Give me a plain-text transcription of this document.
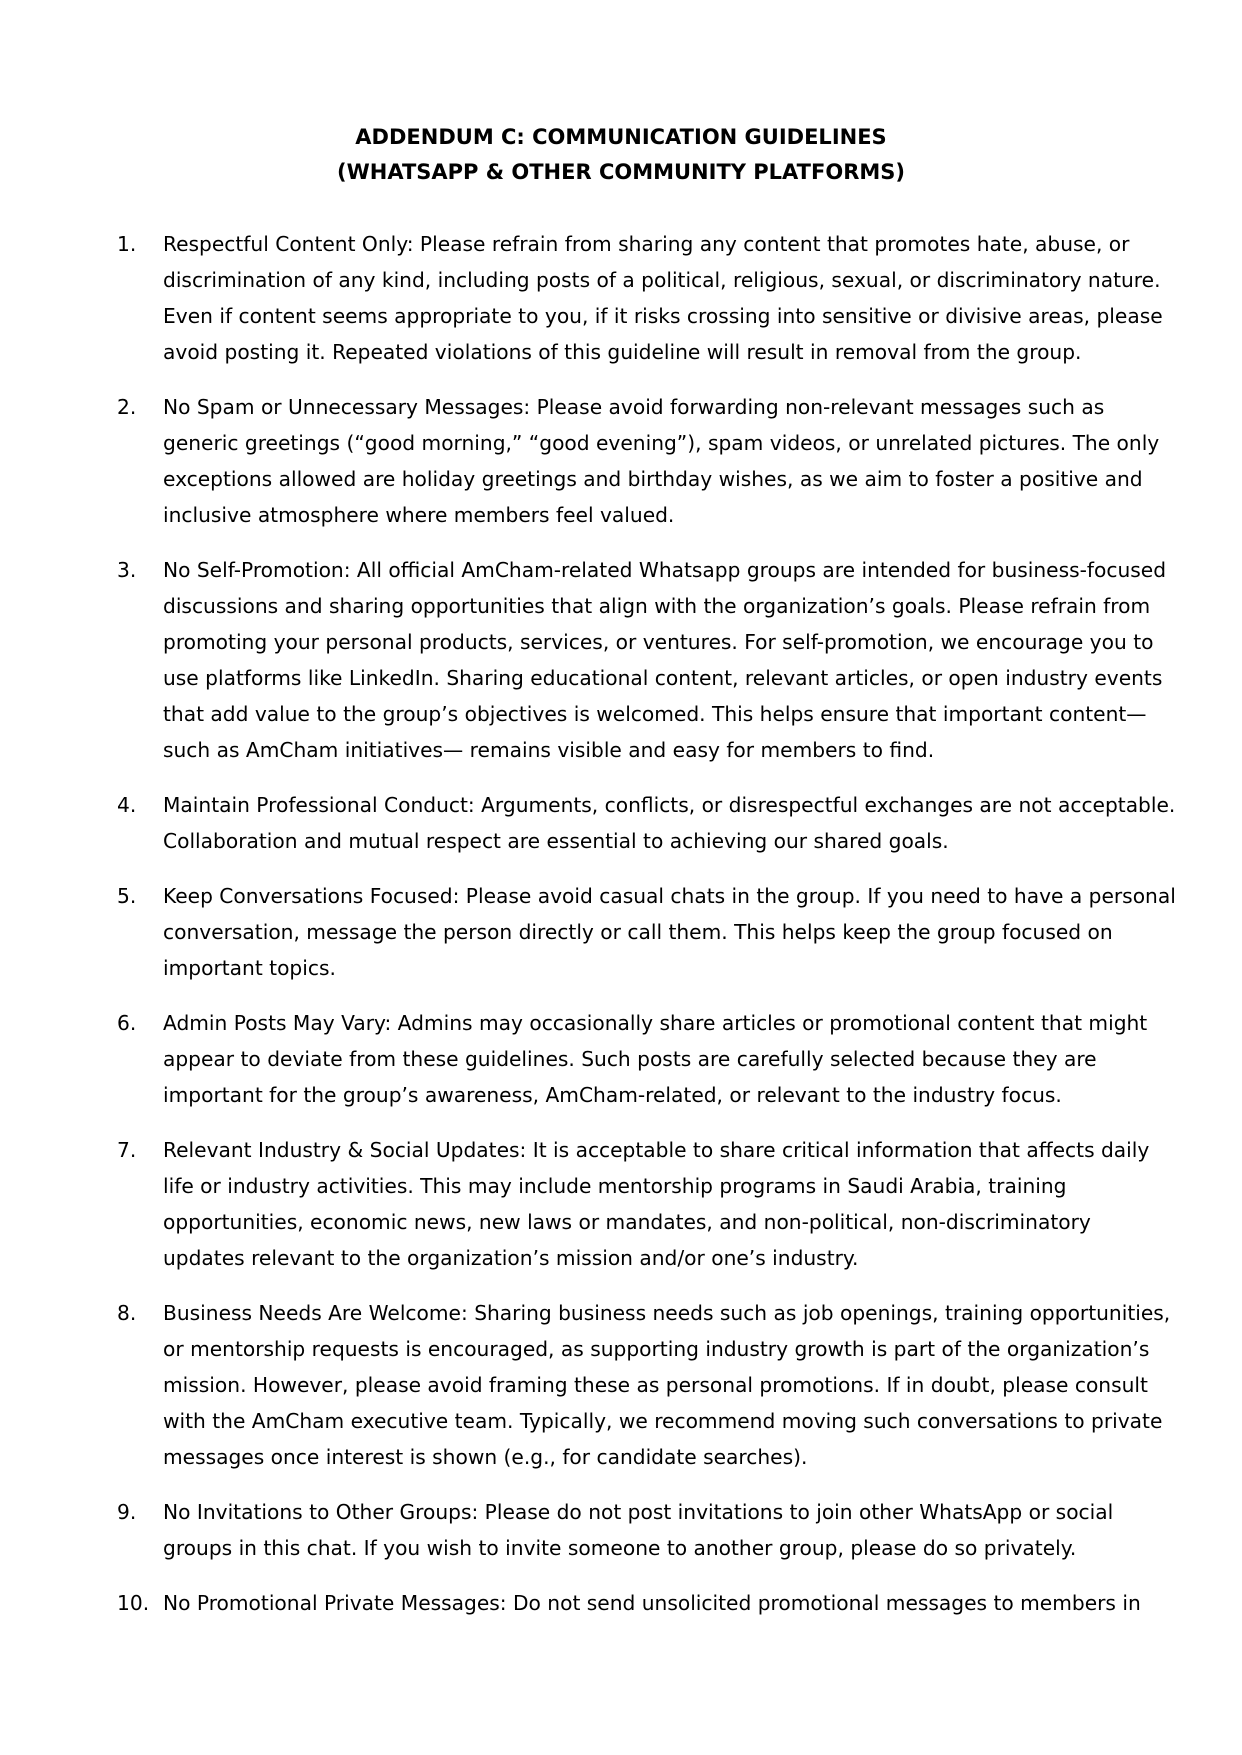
ADDENDUM C: COMMUNICATION GUIDELINES
(WHATSAPP & OTHER COMMUNITY PLATFORMS)
1. Respectful Content Only: Please refrain from sharing any content that promotes hate, abuse, or discrimination of any kind, including posts of a political, religious, sexual, or discriminatory nature. Even if content seems appropriate to you, if it risks crossing into sensitive or divisive areas, please avoid posting it. Repeated violations of this guideline will result in removal from the group.
2. No Spam or Unnecessary Messages: Please avoid forwarding non-relevant messages such as generic greetings (“good morning,” “good evening”), spam videos, or unrelated pictures. The only exceptions allowed are holiday greetings and birthday wishes, as we aim to foster a positive and inclusive atmosphere where members feel valued.
3. No Self-Promotion: All official AmCham-related Whatsapp groups are intended for business-focused discussions and sharing opportunities that align with the organization’s goals. Please refrain from promoting your personal products, services, or ventures. For self-promotion, we encourage you to use platforms like LinkedIn. Sharing educational content, relevant articles, or open industry events that add value to the group’s objectives is welcomed. This helps ensure that important content—such as AmCham initiatives— remains visible and easy for members to find.
4. Maintain Professional Conduct: Arguments, conflicts, or disrespectful exchanges are not acceptable. Collaboration and mutual respect are essential to achieving our shared goals.
5. Keep Conversations Focused: Please avoid casual chats in the group. If you need to have a personal conversation, message the person directly or call them. This helps keep the group focused on important topics.
6. Admin Posts May Vary: Admins may occasionally share articles or promotional content that might appear to deviate from these guidelines. Such posts are carefully selected because they are important for the group’s awareness, AmCham-related, or relevant to the industry focus.
7. Relevant Industry & Social Updates: It is acceptable to share critical information that affects daily life or industry activities. This may include mentorship programs in Saudi Arabia, training opportunities, economic news, new laws or mandates, and non-political, non-discriminatory updates relevant to the organization’s mission and/or one’s industry.
8. Business Needs Are Welcome: Sharing business needs such as job openings, training opportunities, or mentorship requests is encouraged, as supporting industry growth is part of the organization’s mission. However, please avoid framing these as personal promotions. If in doubt, please consult with the AmCham executive team. Typically, we recommend moving such conversations to private messages once interest is shown (e.g., for candidate searches).
9. No Invitations to Other Groups: Please do not post invitations to join other WhatsApp or social groups in this chat. If you wish to invite someone to another group, please do so privately.
10. No Promotional Private Messages: Do not send unsolicited promotional messages to members in
